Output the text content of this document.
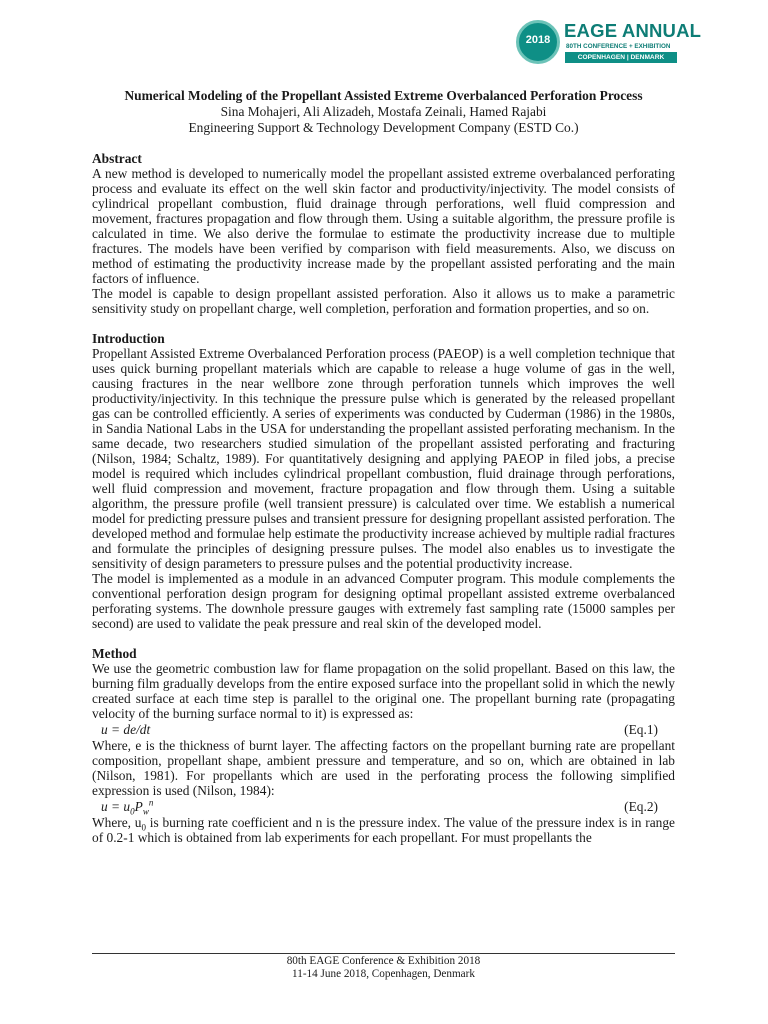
2018 EAGE ANNUAL
80TH CONFERENCE + EXHIBITION
COPENHAGEN | DENMARK

Numerical Modeling of the Propellant Assisted Extreme Overbalanced Perforation Process

Sina Mohajeri, Ali Alizadeh, Mostafa Zeinali, Hamed Rajabi

Engineering Support & Technology Development Company (ESTD Co.)

Abstract

A new method is developed to numerically model the propellant assisted extreme overbalanced perforating process and evaluate its effect on the well skin factor and productivity/injectivity. The model consists of cylindrical propellant combustion, fluid drainage through perforations, well fluid compression and movement, fractures propagation and flow through them. Using a suitable algorithm, the pressure profile is calculated in time. We also derive the formulae to estimate the productivity increase due to multiple fractures. The models have been verified by comparison with field measurements. Also, we discuss on method of estimating the productivity increase made by the propellant assisted perforating and the main factors of influence.

The model is capable to design propellant assisted perforation. Also it allows us to make a parametric sensitivity study on propellant charge, well completion, perforation and formation properties, and so on.

Introduction

Propellant Assisted Extreme Overbalanced Perforation process (PAEOP) is a well completion technique that uses quick burning propellant materials which are capable to release a huge volume of gas in the well, causing fractures in the near wellbore zone through perforation tunnels which improves the well productivity/injectivity. In this technique the pressure pulse which is generated by the released propellant gas can be controlled efficiently. A series of experiments was conducted by Cuderman (1986) in the 1980s, in Sandia National Labs in the USA for understanding the propellant assisted perforating mechanism. In the same decade, two researchers studied simulation of the propellant assisted perforating and fracturing (Nilson, 1984; Schaltz, 1989). For quantitatively designing and applying PAEOP in filed jobs, a precise model is required which includes cylindrical propellant combustion, fluid drainage through perforations, well fluid compression and movement, fracture propagation and flow through them. Using a suitable algorithm, the pressure profile (well transient pressure) is calculated over time. We establish a numerical model for predicting pressure pulses and transient pressure for designing propellant assisted perforation. The developed method and formulae help estimate the productivity increase achieved by multiple radial fractures and formulate the principles of designing pressure pulses. The model also enables us to investigate the sensitivity of design parameters to pressure pulses and the potential productivity increase.

The model is implemented as a module in an advanced Computer program. This module complements the conventional perforation design program for designing optimal propellant assisted extreme overbalanced perforating systems. The downhole pressure gauges with extremely fast sampling rate (15000 samples per second) are used to validate the peak pressure and real skin of the developed model.

Method

We use the geometric combustion law for flame propagation on the solid propellant. Based on this law, the burning film gradually develops from the entire exposed surface into the propellant solid in which the newly created surface at each time step is parallel to the original one. The propellant burning rate (propagating velocity of the burning surface normal to it) is expressed as:

u = de/dt	(Eq.1)

Where, e is the thickness of burnt layer. The affecting factors on the propellant burning rate are propellant composition, propellant shape, ambient pressure and temperature, and so on, which are obtained in lab (Nilson, 1981). For propellants which are used in the perforating process the following simplified expression is used (Nilson, 1984):

$u = u_0P_w^n$	(Eq.2)

Where, $u_0$ is burning rate coefficient and n is the pressure index. The value of the pressure index is in range of 0.2-1 which is obtained from lab experiments for each propellant. For must propellants the

80th EAGE Conference & Exhibition 2018
11-14 June 2018, Copenhagen, Denmark
